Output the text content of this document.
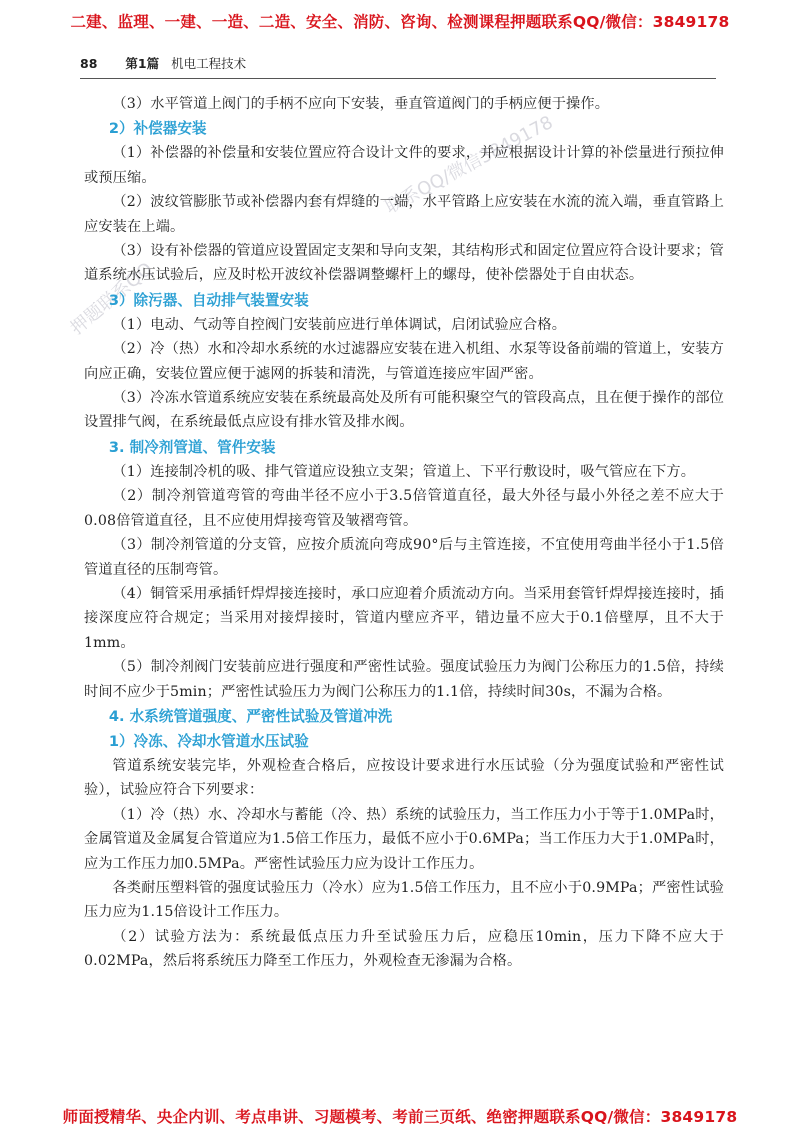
二建、监理、一建、一造、二造、安全、消防、咨询、检测课程押题联系QQ/微信：3849178
88 第1篇 机电工程技术
联系QQ/微信3849178
押题联系QQ

（3）水平管道上阀门的手柄不应向下安装，垂直管道阀门的手柄应便于操作。

2）补偿器安装

（1）补偿器的补偿量和安装位置应符合设计文件的要求，并应根据设计计算的补偿量进行预拉伸或预压缩。

（2）波纹管膨胀节或补偿器内套有焊缝的一端，水平管路上应安装在水流的流入端，垂直管路上应安装在上端。

（3）设有补偿器的管道应设置固定支架和导向支架，其结构形式和固定位置应符合设计要求；管道系统水压试验后，应及时松开波纹补偿器调整螺杆上的螺母，使补偿器处于自由状态。

3）除污器、自动排气装置安装

（1）电动、气动等自控阀门安装前应进行单体调试，启闭试验应合格。

（2）冷（热）水和冷却水系统的水过滤器应安装在进入机组、水泵等设备前端的管道上，安装方向应正确，安装位置应便于滤网的拆装和清洗，与管道连接应牢固严密。

（3）冷冻水管道系统应安装在系统最高处及所有可能积聚空气的管段高点，且在便于操作的部位设置排气阀，在系统最低点应设有排水管及排水阀。

3. 制冷剂管道、管件安装

（1）连接制冷机的吸、排气管道应设独立支架；管道上、下平行敷设时，吸气管应在下方。

（2）制冷剂管道弯管的弯曲半径不应小于3.5倍管道直径，最大外径与最小外径之差不应大于0.08倍管道直径，且不应使用焊接弯管及皱褶弯管。

（3）制冷剂管道的分支管，应按介质流向弯成90°后与主管连接，不宜使用弯曲半径小于1.5倍管道直径的压制弯管。

（4）铜管采用承插钎焊焊接连接时，承口应迎着介质流动方向。当采用套管钎焊焊接连接时，插接深度应符合规定；当采用对接焊接时，管道内壁应齐平，错边量不应大于0.1倍壁厚，且不大于1mm。

（5）制冷剂阀门安装前应进行强度和严密性试验。强度试验压力为阀门公称压力的1.5倍，持续时间不应少于5min；严密性试验压力为阀门公称压力的1.1倍，持续时间30s，不漏为合格。

4. 水系统管道强度、严密性试验及管道冲洗

1）冷冻、冷却水管道水压试验

管道系统安装完毕，外观检查合格后，应按设计要求进行水压试验（分为强度试验和严密性试验），试验应符合下列要求：

（1）冷（热）水、冷却水与蓄能（冷、热）系统的试验压力，当工作压力小于等于1.0MPa时，金属管道及金属复合管道应为1.5倍工作压力，最低不应小于0.6MPa；当工作压力大于1.0MPa时，应为工作压力加0.5MPa。严密性试验压力应为设计工作压力。

各类耐压塑料管的强度试验压力（冷水）应为1.5倍工作压力，且不应小于0.9MPa；严密性试验压力应为1.15倍设计工作压力。

（2）试验方法为：系统最低点压力升至试验压力后，应稳压10min，压力下降不应大于0.02MPa，然后将系统压力降至工作压力，外观检查无渗漏为合格。

师面授精华、央企内训、考点串讲、习题模考、考前三页纸、绝密押题联系QQ/微信：3849178
